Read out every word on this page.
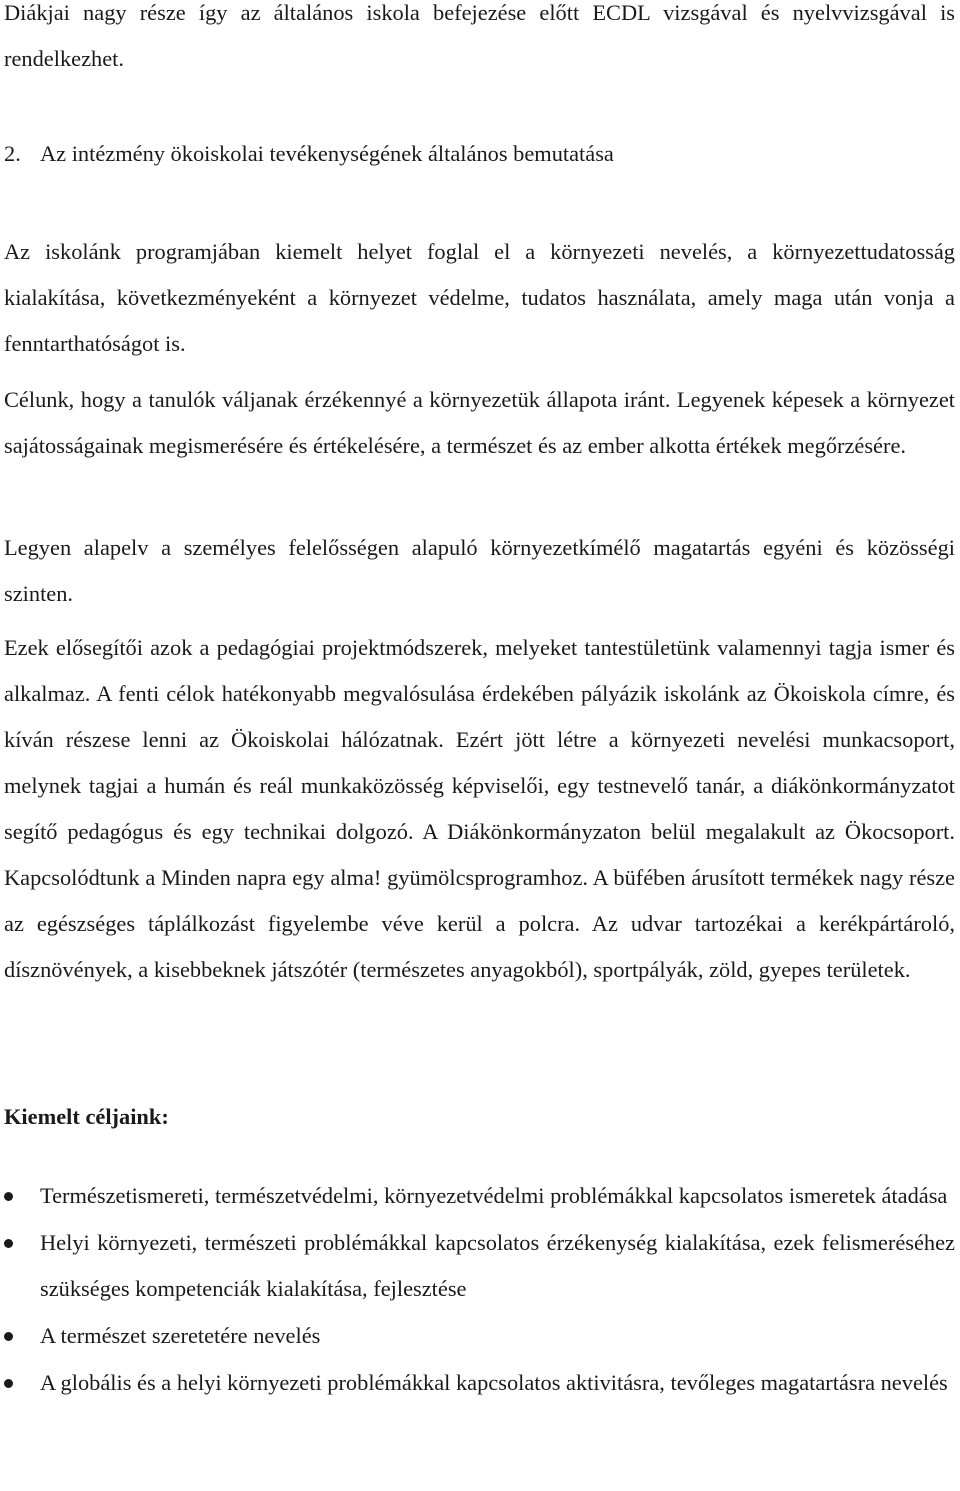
Diákjai nagy része így az általános iskola befejezése előtt ECDL vizsgával és nyelvvizsgával is rendelkezhet.

2. Az intézmény ökoiskolai tevékenységének általános bemutatása

Az iskolánk programjában kiemelt helyet foglal el a környezeti nevelés, a környezettudatosság kialakítása, következményeként a környezet védelme, tudatos használata, amely maga után vonja a fenntarthatóságot is.

Célunk, hogy a tanulók váljanak érzékennyé a környezetük állapota iránt. Legyenek képesek a környezet sajátosságainak megismerésére és értékelésére, a természet és az ember alkotta értékek megőrzésére.

Legyen alapelv a személyes felelősségen alapuló környezetkímélő magatartás egyéni és közösségi szinten.

Ezek elősegítői azok a pedagógiai projektmódszerek, melyeket tantestületünk valamennyi tagja ismer és alkalmaz. A fenti célok hatékonyabb megvalósulása érdekében pályázik iskolánk az Ökoiskola címre, és kíván részese lenni az Ökoiskolai hálózatnak. Ezért jött létre a környezeti nevelési munkacsoport, melynek tagjai a humán és reál munkaközösség képviselői, egy testnevelő tanár, a diákönkormányzatot segítő pedagógus és egy technikai dolgozó. A Diákönkormányzaton belül megalakult az Ökocsoport. Kapcsolódtunk a Minden napra egy alma! gyümölcsprogramhoz. A büfében árusított termékek nagy része az egészséges táplálkozást figyelembe véve kerül a polcra. Az udvar tartozékai a kerékpártároló, dísznövények, a kisebbeknek játszótér (természetes anyagokból), sportpályák, zöld, gyepes területek.

Kiemelt céljaink:

Természetismereti, természetvédelmi, környezetvédelmi problémákkal kapcsolatos ismeretek átadása
Helyi környezeti, természeti problémákkal kapcsolatos érzékenység kialakítása, ezek felismeréséhez szükséges kompetenciák kialakítása, fejlesztése
A természet szeretetére nevelés
A globális és a helyi környezeti problémákkal kapcsolatos aktivitásra, tevőleges magatartásra nevelés
